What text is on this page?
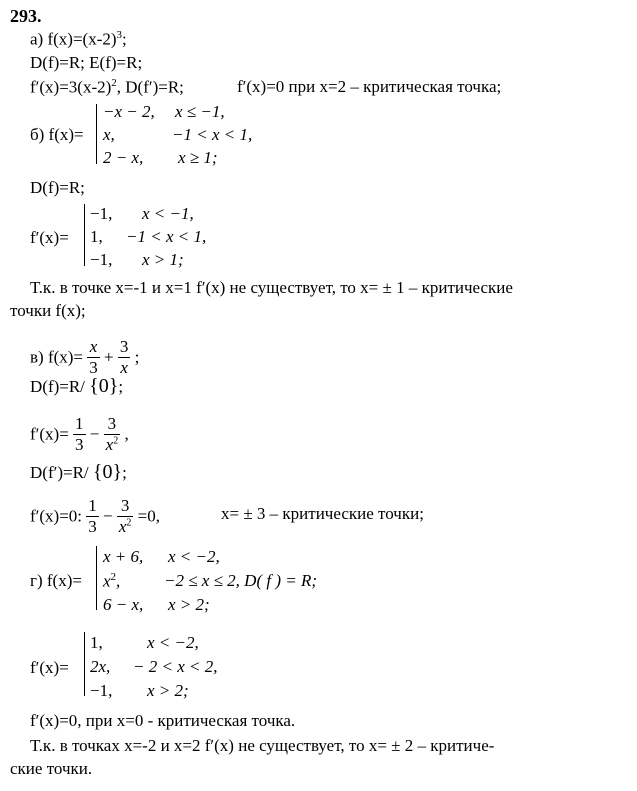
293.
а) $f(x)=(x-2)^3$;
D(f)=R; E(f)=R;
$f'(x)=3(x-2)^2$, D(f′)=R;	f′(x)=0 при x=2 – критическая точка;
б) f(x)=
−x − 2, x ≤ −1,
x,	−1 < x < 1,
2 − x, x ≥ 1;
D(f)=R;
f′(x)=
−1, x < −1,
1, −1 < x < 1,
−1, x > 1;
Т.к. в точке x=-1 и x=1 f′(x) не существует, то x= ± 1 – критические
точки f(x);
в) $f(x)= \frac{x}{3} + \frac{3}{x}$ ;
D(f)=R/ {0};
$f'(x)= \frac{1}{3} - \frac{3}{x^2}$ ,
D(f′)=R/ {0};
f′(x)=0: $\frac{1}{3} - \frac{3}{x^2} =0$,	x= ± 3 – критические точки;
г) f(x)=
x + 6, x < −2,
$x^2$,	−2 ≤ x ≤ 2, D( f ) = R;
6 − x, x > 2;
f′(x)=
1,	x < −2,
2x, − 2 < x < 2,
−1, x > 2;
f′(x)=0, при x=0 - критическая точка.
Т.к. в точках x=-2 и x=2 f′(x) не существует, то x= ± 2 – критиче-
ские точки.
